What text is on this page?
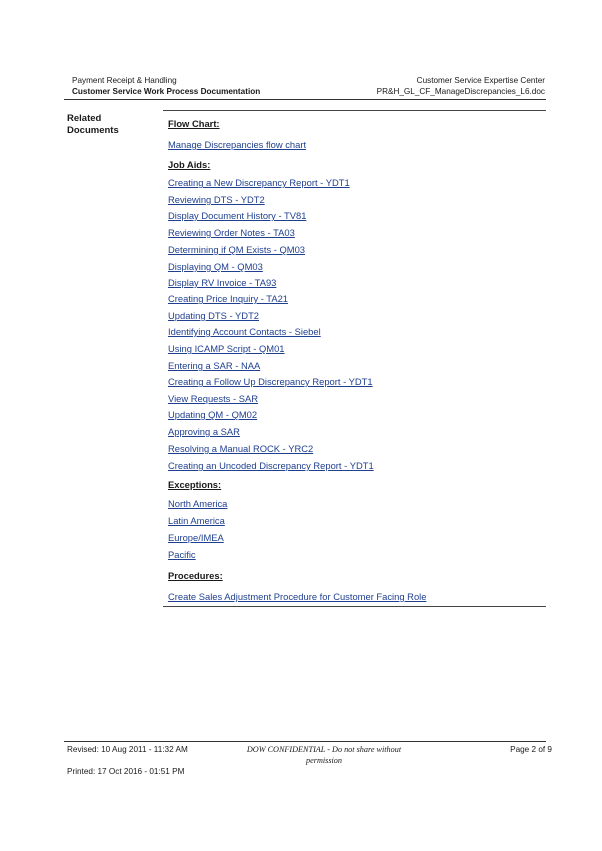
Payment Receipt & Handling
Customer Service Work Process Documentation
Customer Service Expertise Center
PR&H_GL_CF_ManageDiscrepancies_L6.doc
Related
Documents
Flow Chart:
Manage Discrepancies flow chart
Job Aids:
Creating a New Discrepancy Report - YDT1
Reviewing DTS - YDT2
Display Document History - TV81
Reviewing Order Notes - TA03
Determining if QM Exists - QM03
Displaying QM - QM03
Display RV Invoice - TA93
Creating Price Inquiry - TA21
Updating DTS - YDT2
Identifying Account Contacts - Siebel
Using ICAMP Script - QM01
Entering a SAR - NAA
Creating a Follow Up Discrepancy Report - YDT1
View Requests - SAR
Updating QM - QM02
Approving a SAR
Resolving a Manual ROCK - YRC2
Creating an Uncoded Discrepancy Report - YDT1
Exceptions:
North America
Latin America
Europe/IMEA
Pacific
Procedures:
Create Sales Adjustment Procedure for Customer Facing Role
Revised: 10 Aug 2011 - 11:32 AM	DOW CONFIDENTIAL - Do not share without
permission
Page 2 of 9
Printed: 17 Oct 2016 - 01:51 PM
